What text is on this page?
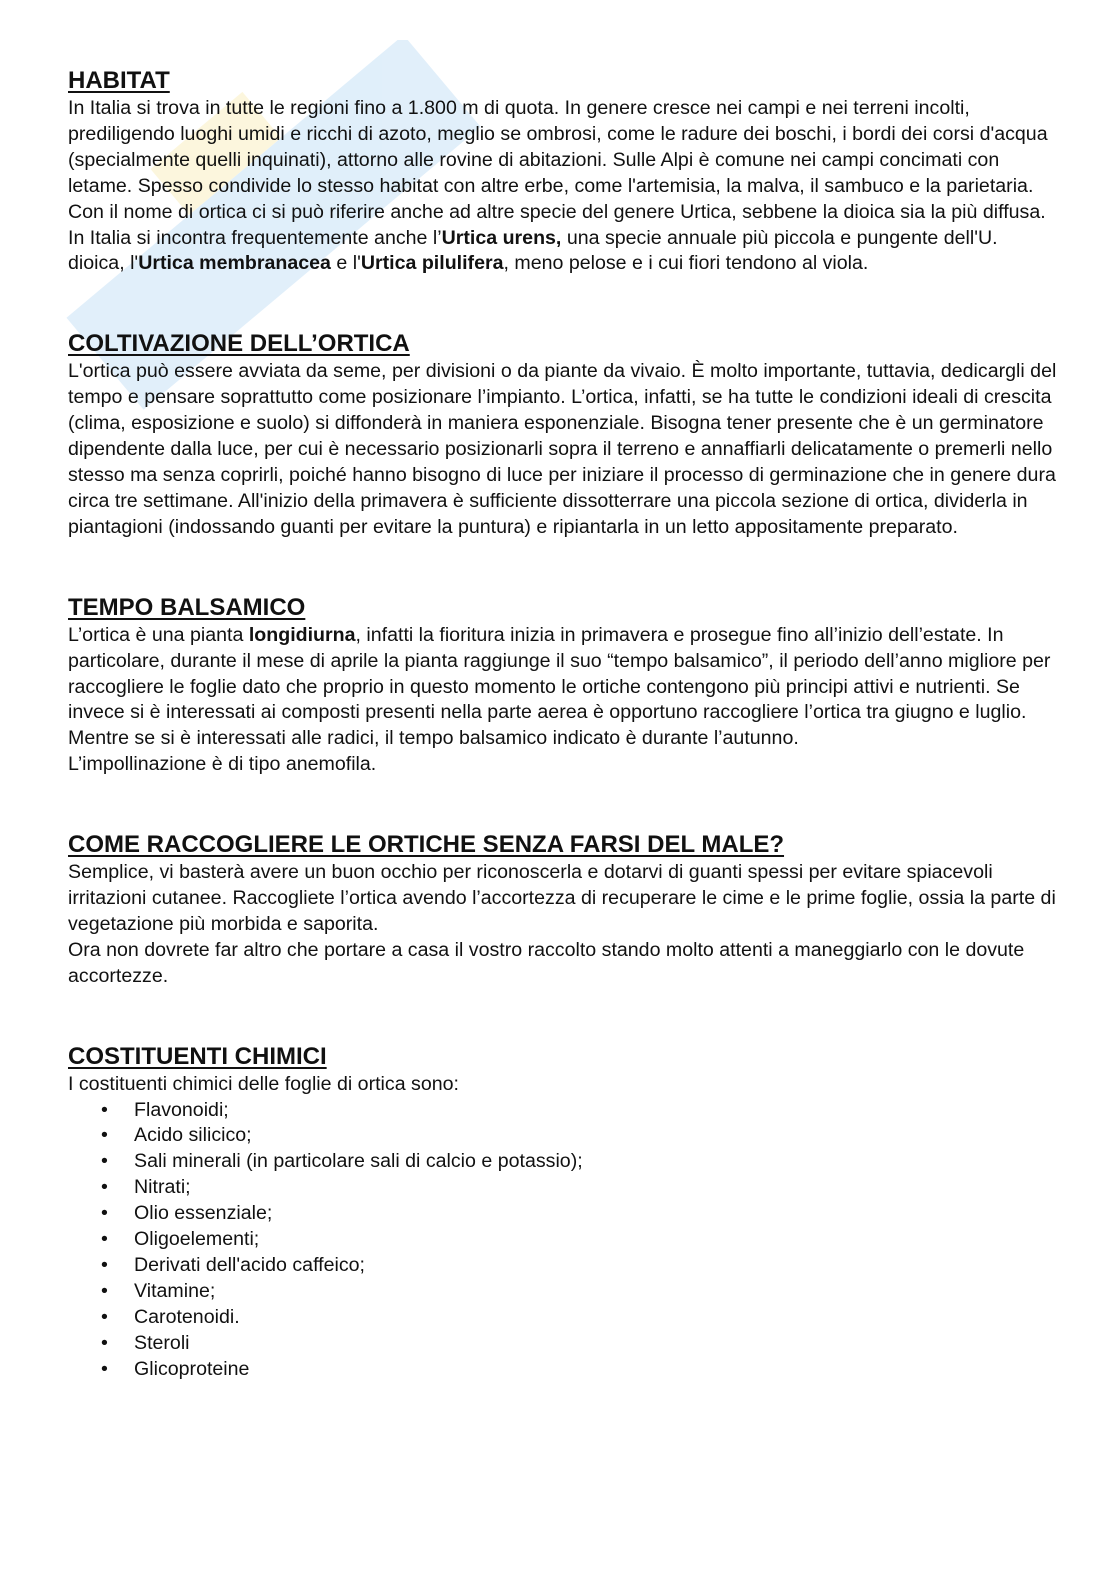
HABITAT

In Italia si trova in tutte le regioni fino a 1.800 m di quota. In genere cresce nei campi e nei terreni incolti, prediligendo luoghi umidi e ricchi di azoto, meglio se ombrosi, come le radure dei boschi, i bordi dei corsi d'acqua (specialmente quelli inquinati), attorno alle rovine di abitazioni. Sulle Alpi è comune nei campi concimati con letame. Spesso condivide lo stesso habitat con altre erbe, come l'artemisia, la malva, il sambuco e la parietaria. Con il nome di ortica ci si può riferire anche ad altre specie del genere Urtica, sebbene la dioica sia la più diffusa. In Italia si incontra frequentemente anche l’Urtica urens, una specie annuale più piccola e pungente dell'U. dioica, l'Urtica membranacea e l'Urtica pilulifera, meno pelose e i cui fiori tendono al viola.

COLTIVAZIONE DELL’ORTICA

L'ortica può essere avviata da seme, per divisioni o da piante da vivaio. È molto importante, tuttavia, dedicargli del tempo e pensare soprattutto come posizionare l’impianto. L’ortica, infatti, se ha tutte le condizioni ideali di crescita (clima, esposizione e suolo) si diffonderà in maniera esponenziale. Bisogna tener presente che è un germinatore dipendente dalla luce, per cui è necessario posizionarli sopra il terreno e annaffiarli delicatamente o premerli nello stesso ma senza coprirli, poiché hanno bisogno di luce per iniziare il processo di germinazione che in genere dura circa tre settimane. All'inizio della primavera è sufficiente dissotterrare una piccola sezione di ortica, dividerla in piantagioni (indossando guanti per evitare la puntura) e ripiantarla in un letto appositamente preparato.

TEMPO BALSAMICO

L’ortica è una pianta longidiurna, infatti la fioritura inizia in primavera e prosegue fino all’inizio dell’estate. In particolare, durante il mese di aprile la pianta raggiunge il suo “tempo balsamico”, il periodo dell’anno migliore per raccogliere le foglie dato che proprio in questo momento le ortiche contengono più principi attivi e nutrienti. Se invece si è interessati ai composti presenti nella parte aerea è opportuno raccogliere l’ortica tra giugno e luglio. Mentre se si è interessati alle radici, il tempo balsamico indicato è durante l’autunno.

L’impollinazione è di tipo anemofila.

COME RACCOGLIERE LE ORTICHE SENZA FARSI DEL MALE?

Semplice, vi basterà avere un buon occhio per riconoscerla e dotarvi di guanti spessi per evitare spiacevoli irritazioni cutanee. Raccogliete l’ortica avendo l’accortezza di recuperare le cime e le prime foglie, ossia la parte di vegetazione più morbida e saporita.

Ora non dovrete far altro che portare a casa il vostro raccolto stando molto attenti a maneggiarlo con le dovute accortezze.

COSTITUENTI CHIMICI

I costituenti chimici delle foglie di ortica sono:

• Flavonoidi;
• Acido silicico;
• Sali minerali (in particolare sali di calcio e potassio);
• Nitrati;
• Olio essenziale;
• Oligoelementi;
• Derivati dell'acido caffeico;
• Vitamine;
• Carotenoidi.
• Steroli
• Glicoproteine
